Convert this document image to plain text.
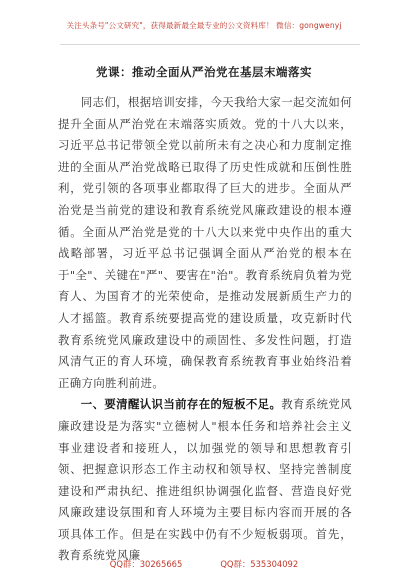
关注头条号"公文研究"，获得最新最全最专业的公文资料库！ 微信：gongwenyj
党课：推动全面从严治党在基层末端落实

同志们，根据培训安排，今天我给大家一起交流如何提升全面从严治党在末端落实质效。党的十八大以来，习近平总书记带领全党以前所未有之决心和力度制定推进的全面从严治党战略已取得了历史性成就和压倒性胜利，党引领的各项事业都取得了巨大的进步。全面从严治党是当前党的建设和教育系统党风廉政建设的根本遵循。全面从严治党是党的十八大以来党中央作出的重大战略部署，习近平总书记强调全面从严治党的根本在于"全"、关键在"严"、要害在"治"。教育系统肩负着为党育人、为国育才的光荣使命，是推动发展新质生产力的人才摇篮。教育系统要提高党的建设质量，攻克新时代教育系统党风廉政建设中的顽固性、多发性问题，打造风清气正的育人环境，确保教育系统教育事业始终沿着正确方向胜利前进。

一、要清醒认识当前存在的短板不足。教育系统党风廉政建设是为落实"立德树人"根本任务和培养社会主义事业建设者和接班人，以加强党的领导和思想教育引领、把握意识形态工作主动权和领导权、坚持完善制度建设和严肃执纪、推进组织协调强化监督、营造良好党风廉政建设氛围和育人环境为主要目标内容而开展的各项具体工作。但是在实践中仍有不少短板弱项。首先，教育系统党风廉

QQ群：30265665	QQ群：535304092
